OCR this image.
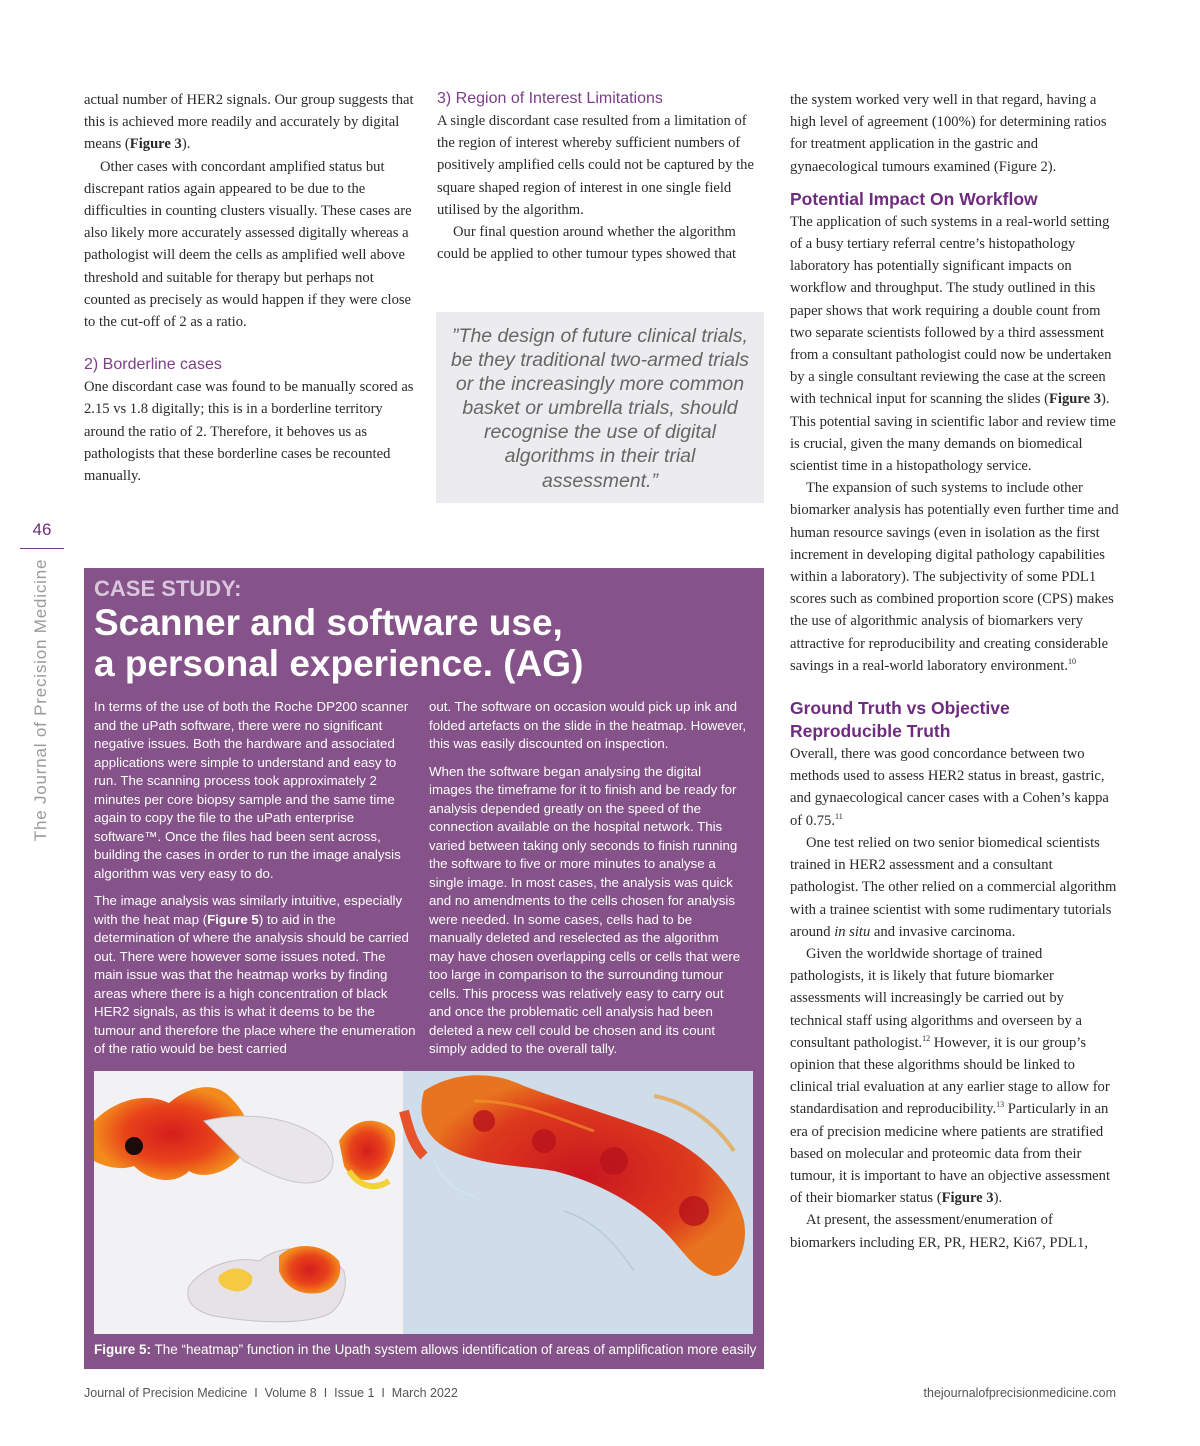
46
The Journal of Precision Medicine

actual number of HER2 signals. Our group suggests that this is achieved more readily and accurately by digital means (Figure 3).

Other cases with concordant amplified status but discrepant ratios again appeared to be due to the difficulties in counting clusters visually. These cases are also likely more accurately assessed digitally whereas a pathologist will deem the cells as amplified well above threshold and suitable for therapy but perhaps not counted as precisely as would happen if they were close to the cut-off of 2 as a ratio.

2) Borderline cases

One discordant case was found to be manually scored as 2.15 vs 1.8 digitally; this is in a borderline territory around the ratio of 2. Therefore, it behoves us as pathologists that these borderline cases be recounted manually.

3) Region of Interest Limitations

A single discordant case resulted from a limitation of the region of interest whereby sufficient numbers of positively amplified cells could not be captured by the square shaped region of interest in one single field utilised by the algorithm.

Our final question around whether the algorithm could be applied to other tumour types showed that

”The design of future clinical trials, be they traditional two-armed trials or the increasingly more common basket or umbrella trials, should recognise the use of digital algorithms in their trial assessment.”

the system worked very well in that regard, having a high level of agreement (100%) for determining ratios for treatment application in the gastric and gynaecological tumours examined (Figure 2).

Potential Impact On Workflow

The application of such systems in a real-world setting of a busy tertiary referral centre’s histopathology laboratory has potentially significant impacts on workflow and throughput. The study outlined in this paper shows that work requiring a double count from two separate scientists followed by a third assessment from a consultant pathologist could now be undertaken by a single consultant reviewing the case at the screen with technical input for scanning the slides (Figure 3). This potential saving in scientific labor and review time is crucial, given the many demands on biomedical scientist time in a histopathology service.

The expansion of such systems to include other biomarker analysis has potentially even further time and human resource savings (even in isolation as the first increment in developing digital pathology capabilities within a laboratory). The subjectivity of some PDL1 scores such as combined proportion score (CPS) makes the use of algorithmic analysis of biomarkers very attractive for reproducibility and creating considerable savings in a real-world laboratory environment.$^{10}$

Ground Truth vs Objective Reproducible Truth

Overall, there was good concordance between two methods used to assess HER2 status in breast, gastric, and gynaecological cancer cases with a Cohen’s kappa of 0.75.11

One test relied on two senior biomedical scientists trained in HER2 assessment and a consultant pathologist. The other relied on a commercial algorithm with a trainee scientist with some rudimentary tutorials around in situ and invasive carcinoma.

Given the worldwide shortage of trained pathologists, it is likely that future biomarker assessments will increasingly be carried out by technical staff using algorithms and overseen by a consultant pathologist.$^{12}$ However, it is our group’s opinion that these algorithms should be linked to clinical trial evaluation at any earlier stage to allow for standardisation and reproducibility.$^{13}$ Particularly in an era of precision medicine where patients are stratified based on molecular and proteomic data from their tumour, it is important to have an objective assessment of their biomarker status (Figure 3).

At present, the assessment/enumeration of biomarkers including ER, PR, HER2, Ki67, PDL1,

CASE STUDY:
Scanner and software use,
a personal experience. (AG)

In terms of the use of both the Roche DP200 scanner and the uPath software, there were no significant negative issues. Both the hardware and associated applications were simple to understand and easy to run. The scanning process took approximately 2 minutes per core biopsy sample and the same time again to copy the file to the uPath enterprise software™. Once the files had been sent across, building the cases in order to run the image analysis algorithm was very easy to do.

The image analysis was similarly intuitive, especially with the heat map (Figure 5) to aid in the determination of where the analysis should be carried out. There were however some issues noted. The main issue was that the heatmap works by finding areas where there is a high concentration of black HER2 signals, as this is what it deems to be the tumour and therefore the place where the enumeration of the ratio would be best carried

out. The software on occasion would pick up ink and folded artefacts on the slide in the heatmap. However, this was easily discounted on inspection.

When the software began analysing the digital images the timeframe for it to finish and be ready for analysis depended greatly on the speed of the connection available on the hospital network. This varied between taking only seconds to finish running the software to five or more minutes to analyse a single image. In most cases, the analysis was quick and no amendments to the cells chosen for analysis were needed. In some cases, cells had to be manually deleted and reselected as the algorithm may have chosen overlapping cells or cells that were too large in comparison to the surrounding tumour cells. This process was relatively easy to carry out and once the problematic cell analysis had been deleted a new cell could be chosen and its count simply added to the overall tally.

Figure 5: The “heatmap” function in the Upath system allows identification of areas of amplification more easily
Journal of Precision Medicine  I  Volume 8  I  Issue 1  I  March 2022	thejournalofprecisionmedicine.com
